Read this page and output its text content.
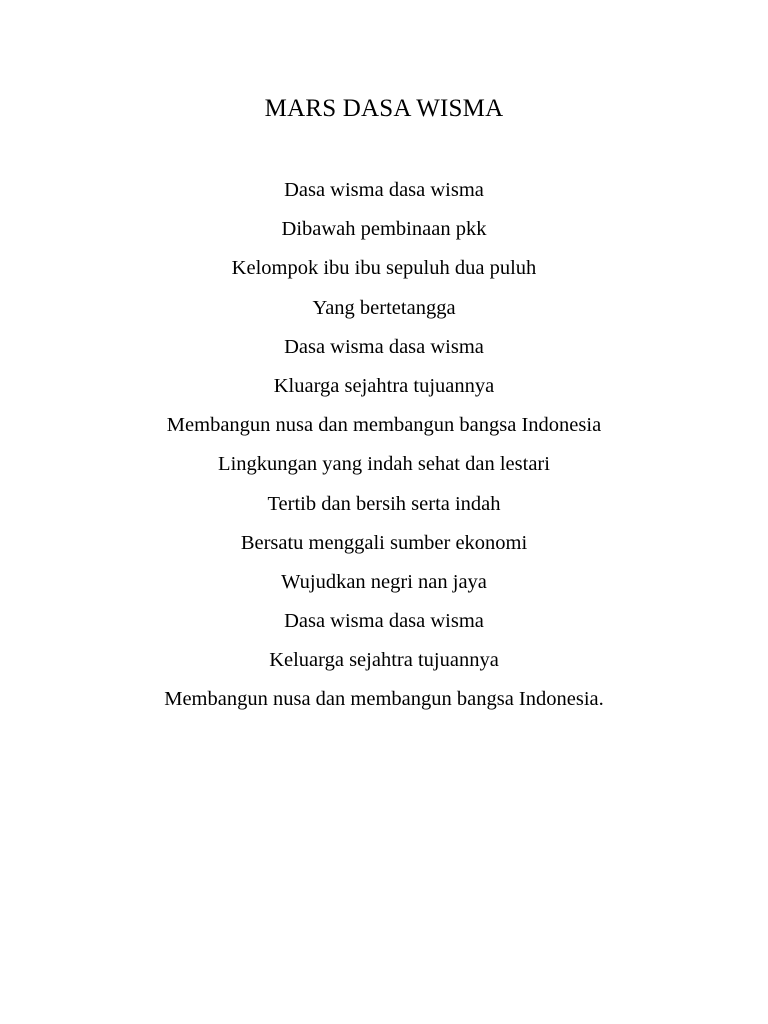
MARS DASA WISMA
Dasa wisma dasa wisma
Dibawah pembinaan pkk
Kelompok ibu ibu sepuluh dua puluh
Yang bertetangga
Dasa wisma dasa wisma
Kluarga sejahtra tujuannya
Membangun nusa dan membangun bangsa Indonesia
Lingkungan yang indah sehat dan lestari
Tertib dan bersih serta indah
Bersatu menggali sumber ekonomi
Wujudkan negri nan jaya
Dasa wisma dasa wisma
Keluarga sejahtra tujuannya
Membangun nusa dan membangun bangsa Indonesia.
